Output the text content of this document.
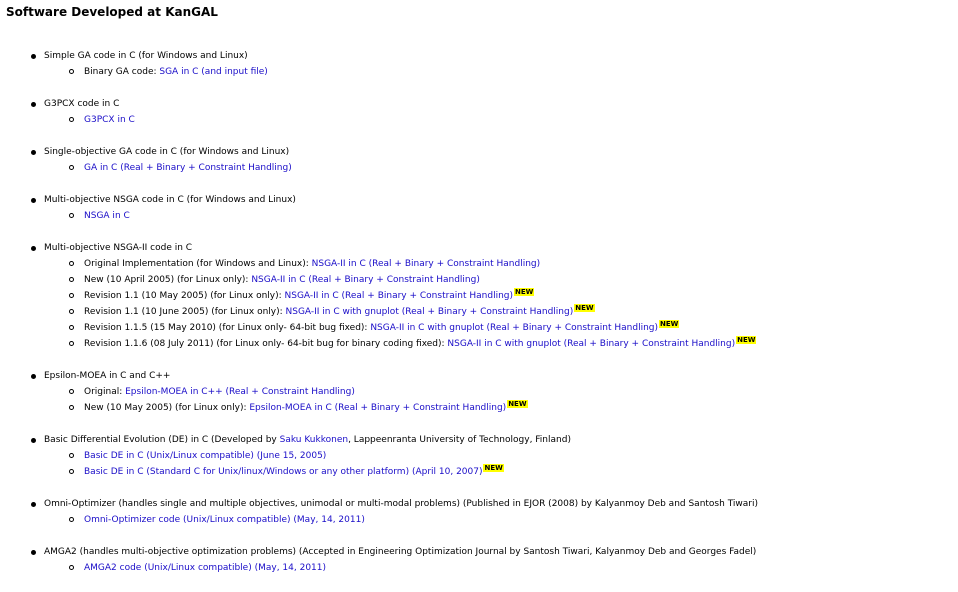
Software Developed at KanGAL
Simple GA code in C (for Windows and Linux)
Binary GA code: SGA in C (and input file)
G3PCX code in C
G3PCX in C
Single-objective GA code in C (for Windows and Linux)
GA in C (Real + Binary + Constraint Handling)
Multi-objective NSGA code in C (for Windows and Linux)
NSGA in C
Multi-objective NSGA-II code in C
Original Implementation (for Windows and Linux): NSGA-II in C (Real + Binary + Constraint Handling)
New (10 April 2005) (for Linux only): NSGA-II in C (Real + Binary + Constraint Handling)
Revision 1.1 (10 May 2005) (for Linux only): NSGA-II in C (Real + Binary + Constraint Handling) NEW
Revision 1.1 (10 June 2005) (for Linux only): NSGA-II in C with gnuplot (Real + Binary + Constraint Handling) NEW
Revision 1.1.5 (15 May 2010) (for Linux only- 64-bit bug fixed): NSGA-II in C with gnuplot (Real + Binary + Constraint Handling) NEW
Revision 1.1.6 (08 July 2011) (for Linux only- 64-bit bug for binary coding fixed): NSGA-II in C with gnuplot (Real + Binary + Constraint Handling) NEW
Epsilon-MOEA in C and C++
Original: Epsilon-MOEA in C++ (Real + Constraint Handling)
New (10 May 2005) (for Linux only): Epsilon-MOEA in C (Real + Binary + Constraint Handling) NEW
Basic Differential Evolution (DE) in C (Developed by Saku Kukkonen, Lappeenranta University of Technology, Finland)
Basic DE in C (Unix/Linux compatible) (June 15, 2005)
Basic DE in C (Standard C for Unix/linux/Windows or any other platform) (April 10, 2007) NEW
Omni-Optimizer (handles single and multiple objectives, unimodal or multi-modal problems) (Published in EJOR (2008) by Kalyanmoy Deb and Santosh Tiwari)
Omni-Optimizer code (Unix/Linux compatible) (May, 14, 2011)
AMGA2 (handles multi-objective optimization problems) (Accepted in Engineering Optimization Journal by Santosh Tiwari, Kalyanmoy Deb and Georges Fadel)
AMGA2 code (Unix/Linux compatible) (May, 14, 2011)
